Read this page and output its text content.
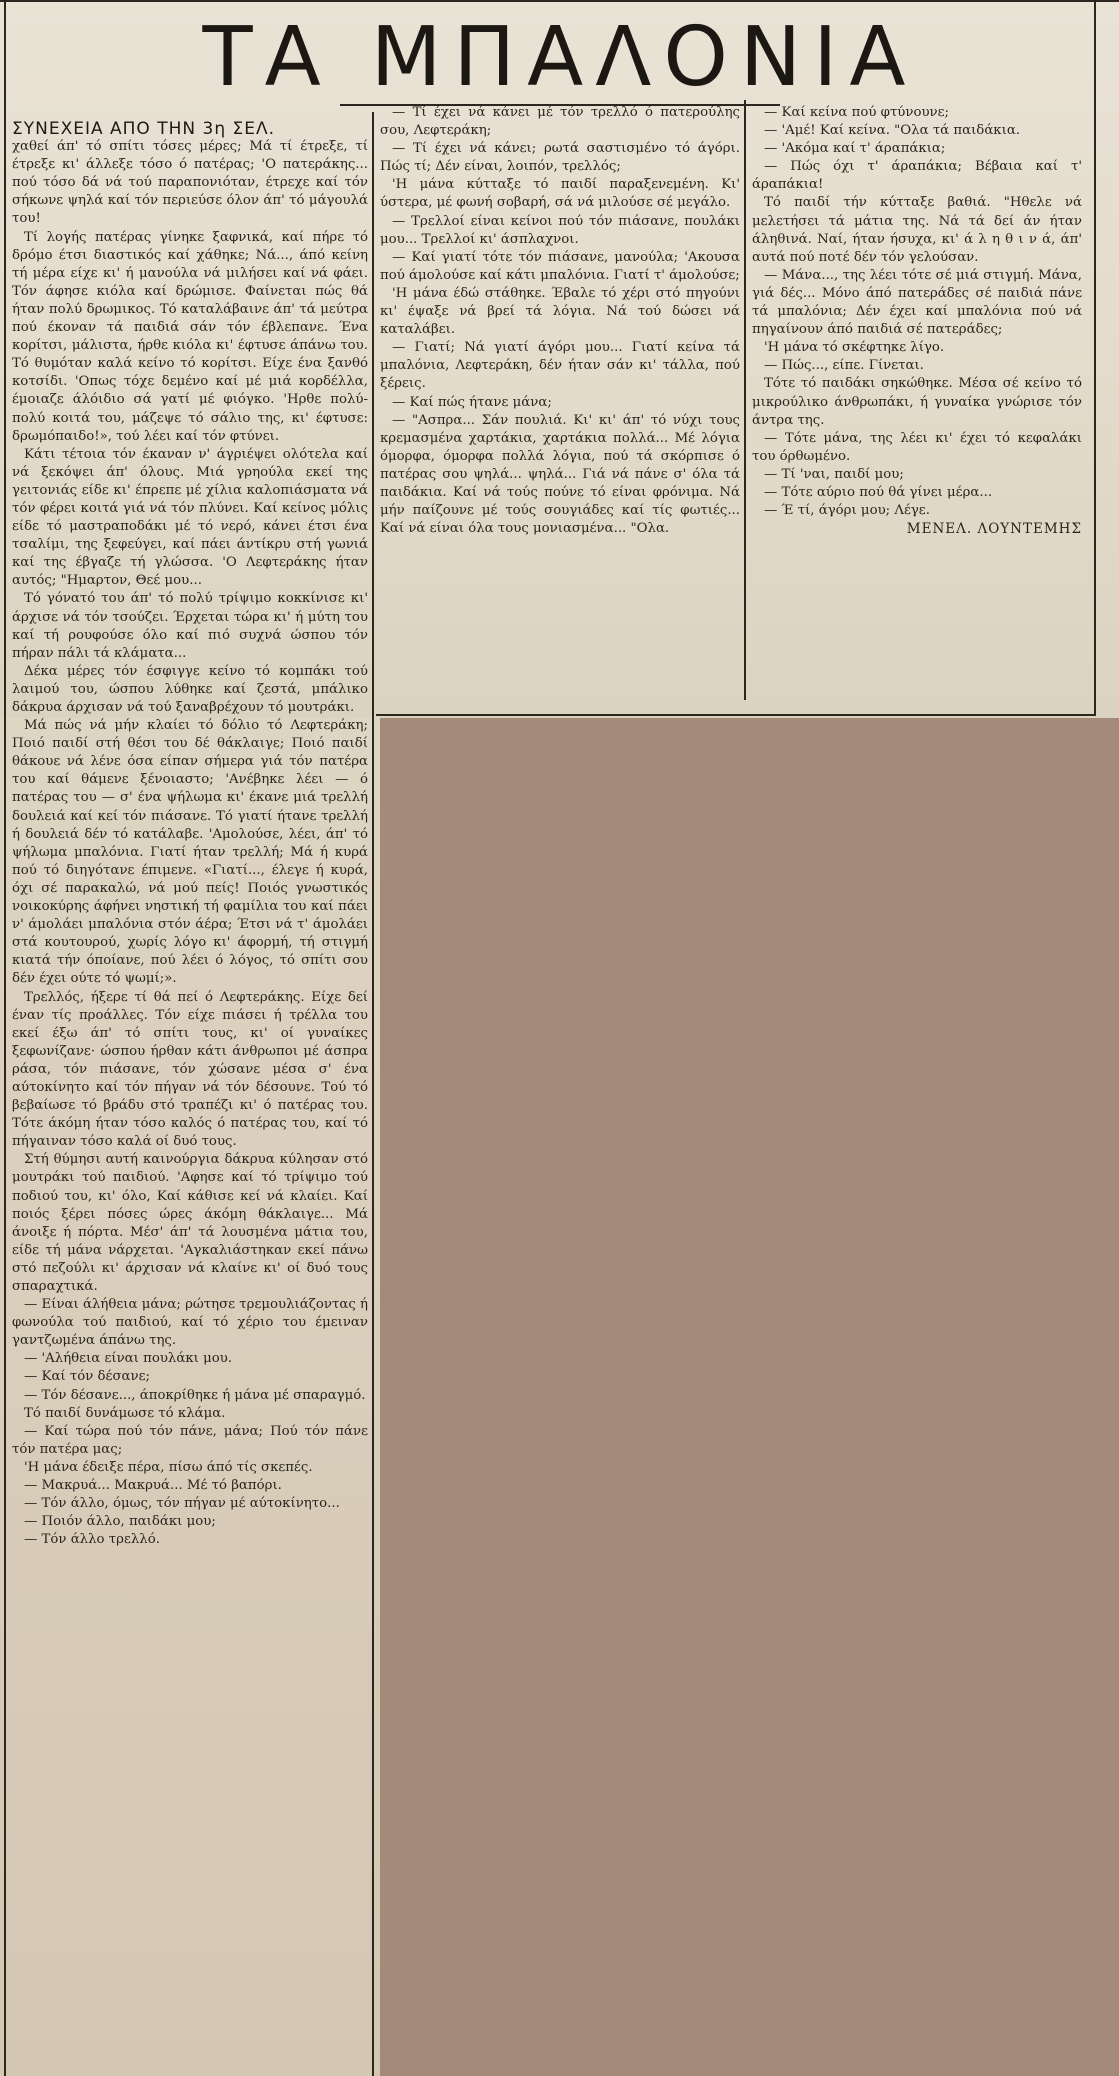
ΤΑ ΜΠΑΛΟΝΙΑ

ΣΥΝΕΧΕΙΑ ΑΠΟ ΤΗΝ 3η ΣΕΛ.

χαθεί άπ' τό σπίτι τόσες μέρες; Μά τί έτρεξε, τί έτρεξε κι' άλλεξε τόσο ό πατέρας; 'Ο πατεράκης... πού τόσο δά νά τού παραπονιόταν, έτρεχε καί τόν σήκωνε ψηλά καί τόν περιεύσε όλον άπ' τό μάγουλά του!

Τί λογής πατέρας γίνηκε ξαφνικά, καί πήρε τό δρόμο έτσι διαστικός καί χάθηκε; Νά..., άπό κείνη τή μέρα είχε κι' ή μανούλα νά μιλήσει καί νά φάει. Τόν άφησε κιόλα καί δρώμισε. Φαίνεται πώς θά ήταν πολύ δρωμικος. Τό καταλάβαινε άπ' τά μεύτρα πού έκοναν τά παιδιά σάν τόν έβλεπανε. Ένα κορίτσι, μάλιστα, ήρθε κιόλα κι' έφτυσε άπάνω του. Τό θυμόταν καλά κείνο τό κορίτσι. Είχε ένα ξανθό κοτσίδι. 'Οπως τόχε δεμένο καί μέ μιά κορδέλλα, έμοιαζε άλόιδιο σά γατί μέ φιόγκο. 'Ηρθε πολύ-πολύ κοιτά του, μάζεψε τό σάλιο της, κι' έφτυσε: δρωμόπαιδο!», τού λέει καί τόν φτύνει.

Κάτι τέτοια τόν έκαναν ν' άγριέψει ολότελα καί νά ξεκόψει άπ' όλους. Μιά γρηούλα εκεί της γειτονιάς είδε κι' έπρεπε μέ χίλια καλοπιάσματα νά τόν φέρει κοιτά γιά νά τόν πλύνει. Καί κείνος μόλις είδε τό μαστραποδάκι μέ τό νερό, κάνει έτσι ένα τσαλίμι, της ξεφεύγει, καί πάει άντίκρυ στή γωνιά καί της έβγαζε τή γλώσσα. 'Ο Λεφτεράκης ήταν αυτός; "Ημαρτον, Θεέ μου...

Τό γόνατό του άπ' τό πολύ τρίψιμο κοκκίνισε κι' άρχισε νά τόν τσούζει. Έρχεται τώρα κι' ή μύτη του καί τή ρουφούσε όλο καί πιό συχνά ώσπου τόν πήραν πάλι τά κλάματα...

Δέκα μέρες τόν έσφιγγε κείνο τό κομπάκι τού λαιμού του, ώσπου λύθηκε καί ζεστά, μπάλικο δάκρυα άρχισαν νά τού ξαναβρέχουν τό μουτράκι.

Μά πώς νά μήν κλαίει τό δόλιο τό Λεφτεράκη; Ποιό παιδί στή θέσι του δέ θάκλαιγε; Ποιό παιδί θάκουε νά λένε όσα είπαν σήμερα γιά τόν πατέρα του καί θάμενε ξένοιαστο; 'Ανέβηκε λέει — ό πατέρας του — σ' ένα ψήλωμα κι' έκανε μιά τρελλή δουλειά καί κεί τόν πιάσανε. Τό γιατί ήτανε τρελλή ή δουλειά δέν τό κατάλαβε. 'Αμολούσε, λέει, άπ' τό ψήλωμα μπαλόνια. Γιατί ήταν τρελλή; Μά ή κυρά πού τό διηγότανε έπιμενε. «Γιατί..., έλεγε ή κυρά, όχι σέ παρακαλώ, νά μού πείς! Ποιός γνωστικός νοικοκύρης άφήνει νηστική τή φαμίλια του καί πάει ν' άμολάει μπαλόνια στόν άέρα; Έτσι νά τ' άμολάει στά κουτουρού, χωρίς λόγο κι' άφορμή, τή στιγμή κιατά τήν όποίανε, πού λέει ό λόγος, τό σπίτι σου δέν έχει ούτε τό ψωμί;».

Τρελλός, ήξερε τί θά πεί ό Λεφτεράκης. Είχε δεί έναν τίς προάλλες. Τόν είχε πιάσει ή τρέλλα του εκεί έξω άπ' τό σπίτι τους, κι' οί γυναίκες ξεφωνίζανε· ώσπου ήρθαν κάτι άνθρωποι μέ άσπρα ράσα, τόν πιάσανε, τόν χώσανε μέσα σ' ένα αύτοκίνητο καί τόν πήγαν νά τόν δέσουνε. Τού τό βεβαίωσε τό βράδυ στό τραπέζι κι' ό πατέρας του. Τότε άκόμη ήταν τόσο καλός ό πατέρας του, καί τό πήγαιναν τόσο καλά οί δυό τους.

Στή θύμησι αυτή καινούργια δάκρυα κύλησαν στό μουτράκι τού παιδιού. 'Αφησε καί τό τρίψιμο τού ποδιού του, κι' όλο, Καί κάθισε κεί νά κλαίει. Καί ποιός ξέρει πόσες ώρες άκόμη θάκλαιγε... Μά άνοιξε ή πόρτα. Μέσ' άπ' τά λουσμένα μάτια του, είδε τή μάνα νάρχεται. 'Αγκαλιάστηκαν εκεί πάνω στό πεζούλι κι' άρχισαν νά κλαίνε κι' οί δυό τους σπαραχτικά.

— Είναι άλήθεια μάνα; ρώτησε τρεμουλιάζοντας ή φωνούλα τού παιδιού, καί τό χέριο του έμειναν γαντζωμένα άπάνω της.

— 'Αλήθεια είναι πουλάκι μου.

— Καί τόν δέσανε;

— Τόν δέσανε..., άποκρίθηκε ή μάνα μέ σπαραγμό.

Τό παιδί δυνάμωσε τό κλάμα.

— Καί τώρα πού τόν πάνε, μάνα; Πού τόν πάνε τόν πατέρα μας;

'Η μάνα έδειξε πέρα, πίσω άπό τίς σκεπές.

— Μακρυά... Μακρυά... Μέ τό βαπόρι.

— Τόν άλλο, όμως, τόν πήγαν μέ αύτοκίνητο...

— Ποιόν άλλο, παιδάκι μου;

— Τόν άλλο τρελλό.

— Τί έχει νά κάνει μέ τόν τρελλό ό πατερούλης σου, Λεφτεράκη;

— Τί έχει νά κάνει; ρωτά σαστισμένο τό άγόρι. Πώς τί; Δέν είναι, λοιπόν, τρελλός;

'Η μάνα κύτταξε τό παιδί παραξενεμένη. Κι' ύστερα, μέ φωνή σοβαρή, σά νά μιλούσε σέ μεγάλο.

— Τρελλοί είναι κείνοι πού τόν πιάσανε, πουλάκι μου... Τρελλοί κι' άσπλαχνοι.

— Καί γιατί τότε τόν πιάσανε, μανούλα; 'Ακουσα πού άμολούσε καί κάτι μπαλόνια. Γιατί τ' άμολούσε;

'Η μάνα έδώ στάθηκε. Έβαλε τό χέρι στό πηγούνι κι' έψαξε νά βρεί τά λόγια. Νά τού δώσει νά καταλάβει.

— Γιατί; Νά γιατί άγόρι μου... Γιατί κείνα τά μπαλόνια, Λεφτεράκη, δέν ήταν σάν κι' τάλλα, πού ξέρεις.

— Καί πώς ήτανε μάνα;

— "Ασπρα... Σάν πουλιά. Κι' κι' άπ' τό νύχι τους κρεμασμένα χαρτάκια, χαρτάκια πολλά... Μέ λόγια όμορφα, όμορφα πολλά λόγια, πού τά σκόρπισε ό πατέρας σου ψηλά... ψηλά... Γιά νά πάνε σ' όλα τά παιδάκια. Καί νά τούς πούνε τό είναι φρόνιμα. Νά μήν παίζουνε μέ τούς σουγιάδες καί τίς φωτιές... Καί νά είναι όλα τους μονιασμένα... "Ολα.

— Καί κείνα πού φτύνουνε;

— 'Αμέ! Καί κείνα. "Ολα τά παιδάκια.

— 'Ακόμα καί τ' άραπάκια;

— Πώς όχι τ' άραπάκια; Βέβαια καί τ' άραπάκια!

Τό παιδί τήν κύτταξε βαθιά. "Ηθελε νά μελετήσει τά μάτια της. Νά τά δεί άν ήταν άληθινά. Ναί, ήταν ήσυχα, κι' ά λ η θ ι ν ά, άπ' αυτά πού ποτέ δέν τόν γελούσαν.

— Μάνα..., της λέει τότε σέ μιά στιγμή. Μάνα, γιά δές... Μόνο άπό πατεράδες σέ παιδιά πάνε τά μπαλόνια; Δέν έχει καί μπαλόνια πού νά πηγαίνουν άπό παιδιά σέ πατεράδες;

'Η μάνα τό σκέφτηκε λίγο.

— Πώς..., είπε. Γίνεται.

Τότε τό παιδάκι σηκώθηκε. Μέσα σέ κείνο τό μικρούλικο άνθρωπάκι, ή γυναίκα γνώρισε τόν άντρα της.

— Τότε μάνα, της λέει κι' έχει τό κεφαλάκι του όρθωμένο.

— Τί 'ναι, παιδί μου;

— Τότε αύριο πού θά γίνει μέρα...

— Έ τί, άγόρι μου; Λέγε.

ΜΕΝΕΛ. ΛΟΥΝΤΕΜΗΣ
